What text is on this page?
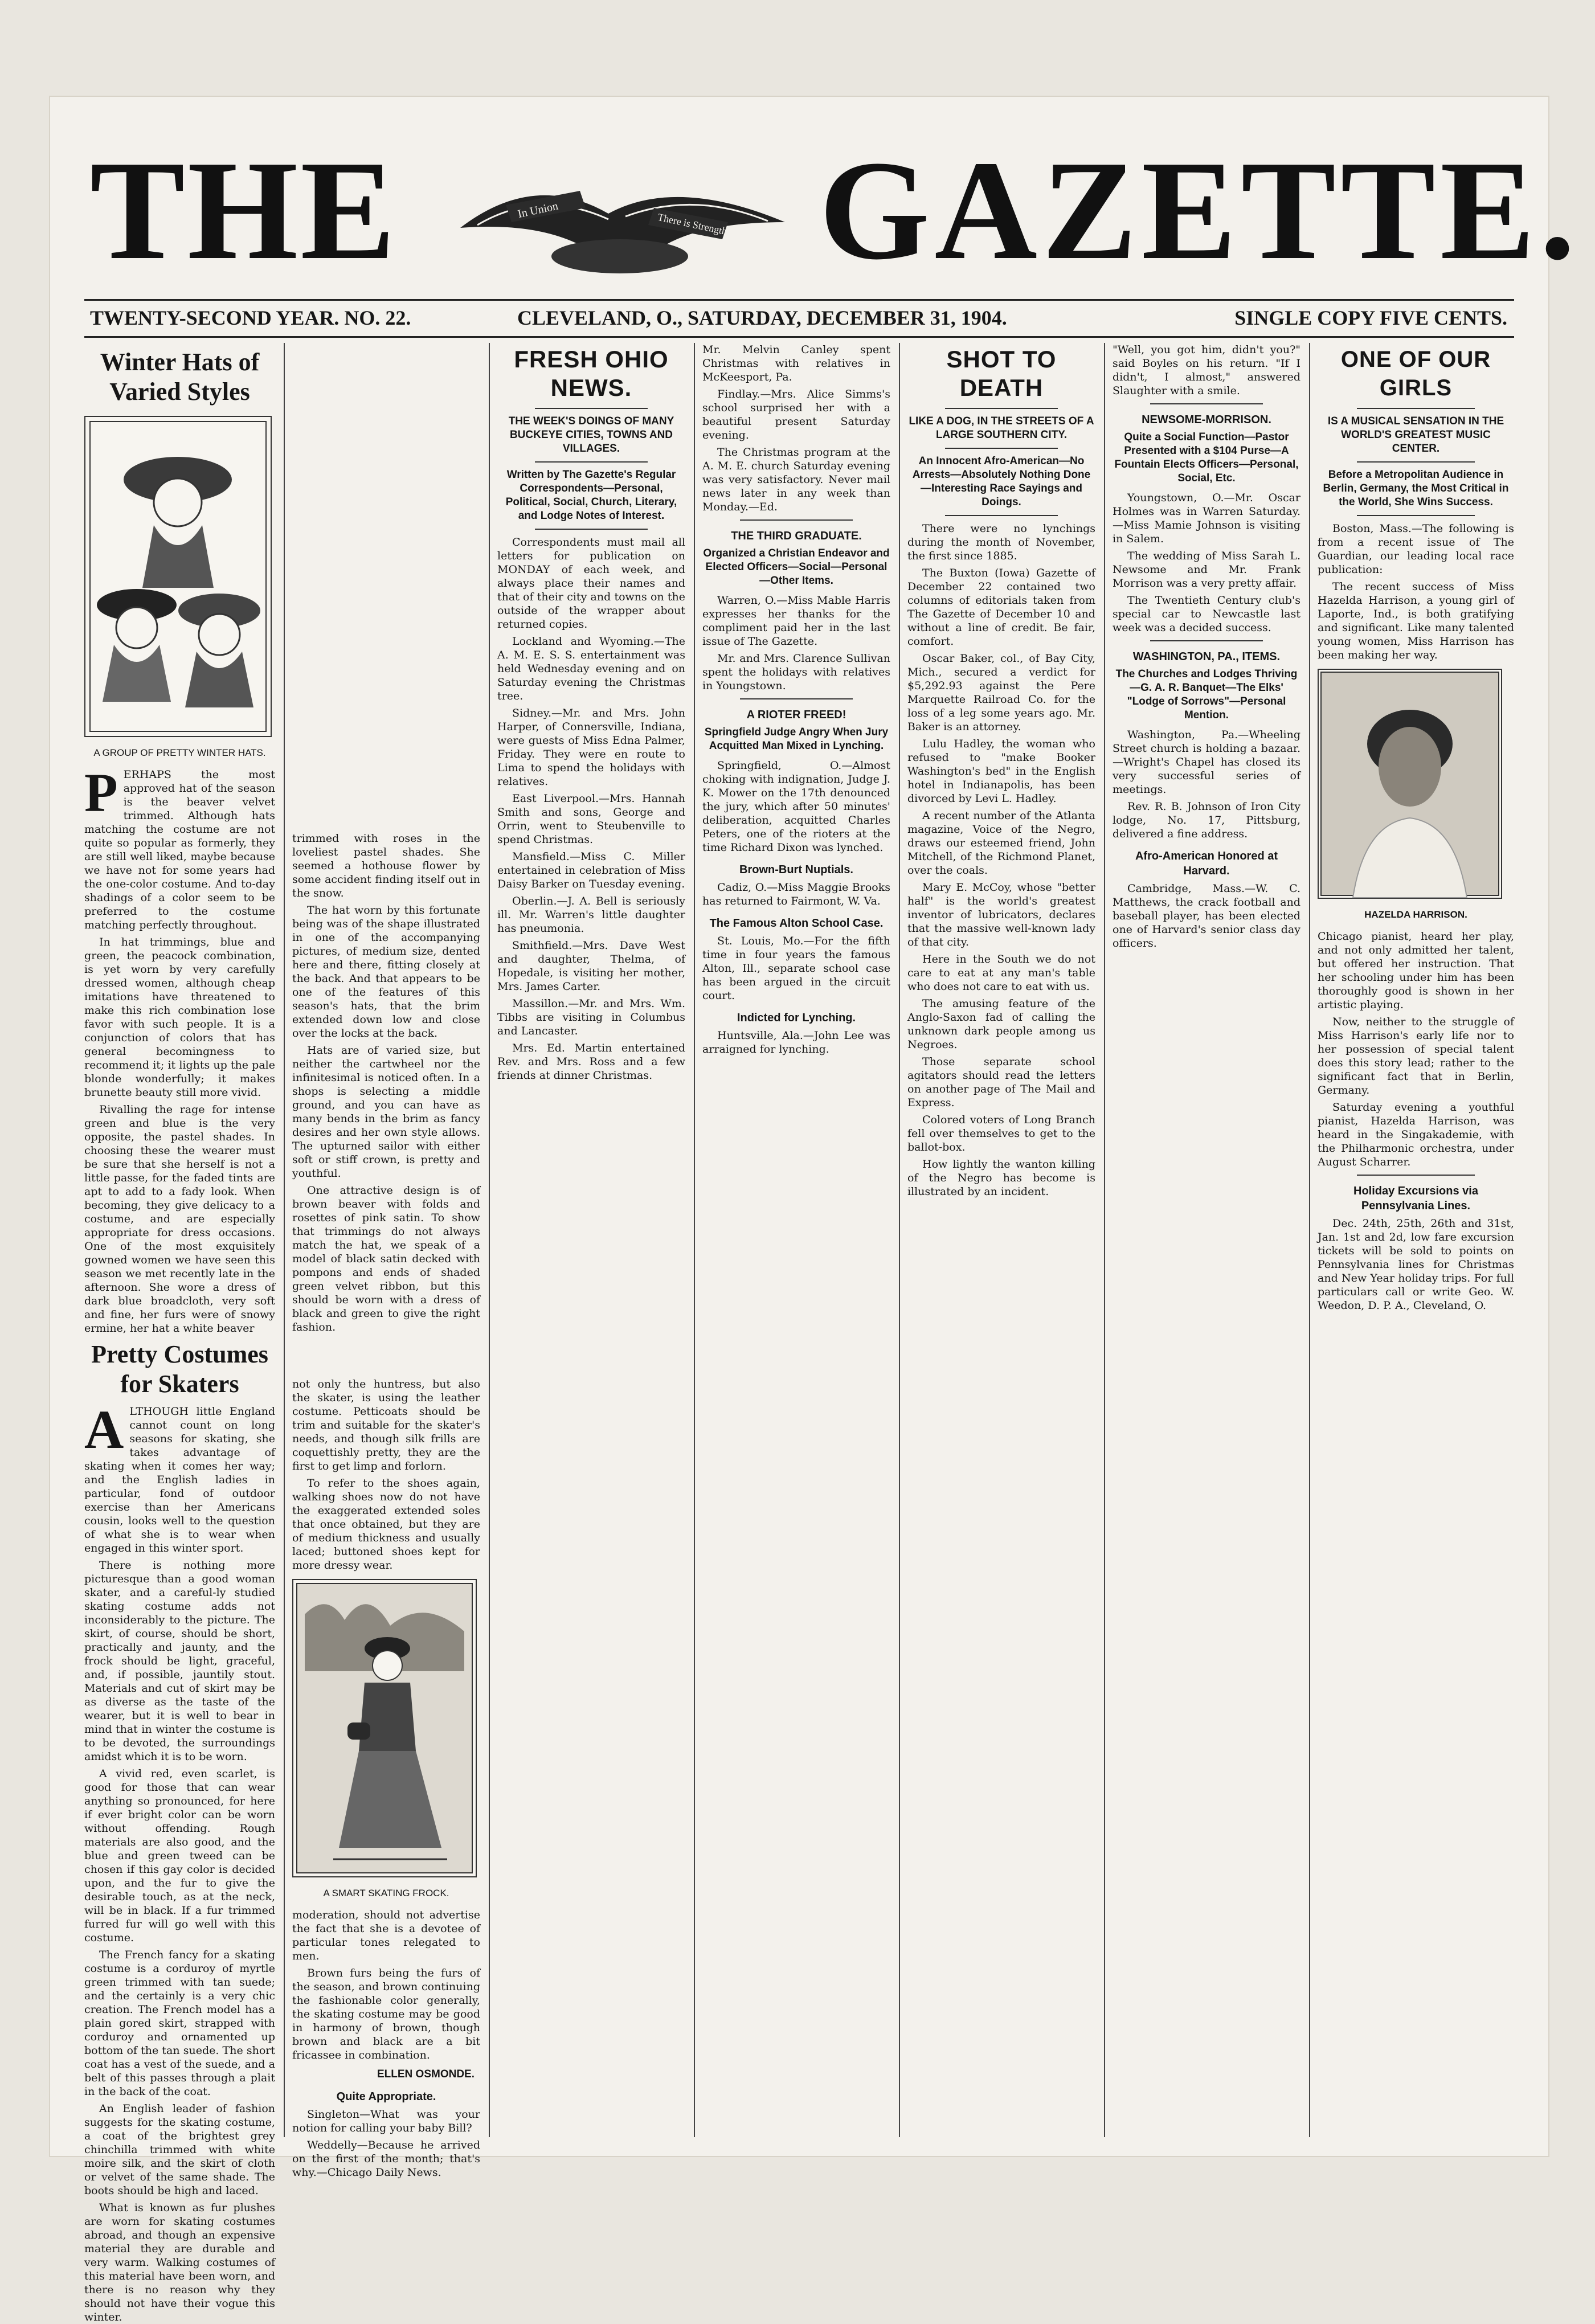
THE	In Union
There is Strength. GAZETTE.
TWENTY-SECOND YEAR. NO. 22.	CLEVELAND, O., SATURDAY, DECEMBER 31, 1904.	SINGLE COPY FIVE CENTS.
Winter Hats of Varied Styles
A GROUP OF PRETTY WINTER HATS.

PERHAPS the most approved hat of the season is the beaver velvet trimmed. Although hats matching the costume are not quite so popular as formerly, they are still well liked, maybe because we have not for some years had the one-color costume. And to-day shadings of a color seem to be preferred to the costume matching perfectly throughout.

In hat trimmings, blue and green, the peacock combination, is yet worn by very carefully dressed women, although cheap imitations have threatened to make this rich combination lose favor with such people. It is a conjunction of colors that has general becomingness to recommend it; it lights up the pale blonde wonderfully; it makes brunette beauty still more vivid.

Rivalling the rage for intense green and blue is the very opposite, the pastel shades. In choosing these the wearer must be sure that she herself is not a little passe, for the faded tints are apt to add to a fady look. When becoming, they give delicacy to a costume, and are especially appropriate for dress occasions. One of the most exquisitely gowned women we have seen this season we met recently late in the afternoon. She wore a dress of dark blue broadcloth, very soft and fine, her furs were of snowy ermine, her hat a white beaver

Pretty Costumes for Skaters

ALTHOUGH little England cannot count on long seasons for skating, she takes advantage of skating when it comes her way; and the English ladies in particular, fond of outdoor exercise than her Americans cousin, looks well to the question of what she is to wear when engaged in this winter sport.

There is nothing more picturesque than a good woman skater, and a careful-ly studied skating costume adds not inconsiderably to the picture. The skirt, of course, should be short, practically and jaunty, and the frock should be light, graceful, and, if possible, jauntily stout. Materials and cut of skirt may be as diverse as the taste of the wearer, but it is well to bear in mind that in winter the costume is to be devoted, the surroundings amidst which it is to be worn.

A vivid red, even scarlet, is good for those that can wear anything so pronounced, for here if ever bright color can be worn without offending. Rough materials are also good, and the blue and green tweed can be chosen if this gay color is decided upon, and the fur to give the desirable touch, as at the neck, will be in black. If a fur trimmed furred fur will go well with this costume.

The French fancy for a skating costume is a corduroy of myrtle green trimmed with tan suede; and the certainly is a very chic creation. The French model has a plain gored skirt, strapped with corduroy and ornamented up bottom of the tan suede. The short coat has a vest of the suede, and a belt of this passes through a plait in the back of the coat.

An English leader of fashion suggests for the skating costume, a coat of the brightest grey chinchilla trimmed with white moire silk, and the skirt of cloth or velvet of the same shade. The boots should be high and laced.

What is known as fur plushes are worn for skating costumes abroad, and though an expensive material they are durable and very warm. Walking costumes of this material have been worn, and there is no reason why they should not have their vogue this winter.

trimmed with roses in the loveliest pastel shades. She seemed a hothouse flower by some accident finding itself out in the snow.

The hat worn by this fortunate being was of the shape illustrated in one of the accompanying pictures, of medium size, dented here and there, fitting closely at the back. And that appears to be one of the features of this season's hats, that the brim extended down low and close over the locks at the back.

Hats are of varied size, but neither the cartwheel nor the infinitesimal is noticed often. In a shops is selecting a middle ground, and you can have as many bends in the brim as fancy desires and her own style allows. The upturned sailor with either soft or stiff crown, is pretty and youthful.

One attractive design is of brown beaver with folds and rosettes of pink satin. To show that trimmings do not always match the hat, we speak of a model of black satin decked with pompons and ends of shaded green velvet ribbon, but this should be worn with a dress of black and green to give the right fashion.

not only the huntress, but also the skater, is using the leather costume. Petticoats should be trim and suitable for the skater's needs, and though silk frills are coquettishly pretty, they are the first to get limp and forlorn.

To refer to the shoes again, walking shoes now do not have the exaggerated extended soles that once obtained, but they are of medium thickness and usually laced; buttoned shoes kept for more dressy wear.

A SMART SKATING FROCK.

moderation, should not advertise the fact that she is a devotee of particular tones relegated to men.

Brown furs being the furs of the season, and brown continuing the fashionable color generally, the skating costume may be good in harmony of brown, though brown and black are a bit fricassee in combination.

ELLEN OSMONDE.
Quite Appropriate.

Singleton—What was your notion for calling your baby Bill?

Weddelly—Because he arrived on the first of the month; that's why.—Chicago Daily News.

FRESH OHIO NEWS.
THE WEEK'S DOINGS OF MANY BUCKEYE CITIES, TOWNS AND VILLAGES.
Written by The Gazette's Regular Correspondents—Personal, Political, Social, Church, Literary, and Lodge Notes of Interest.

Correspondents must mail all letters for publication on MONDAY of each week, and always place their names and that of their city and towns on the outside of the wrapper about returned copies.

Lockland and Wyoming.—The A. M. E. S. S. entertainment was held Wednesday evening and on Saturday evening the Christmas tree.

Sidney.—Mr. and Mrs. John Harper, of Connersville, Indiana, were guests of Miss Edna Palmer, Friday. They were en route to Lima to spend the holidays with relatives.

East Liverpool.—Mrs. Hannah Smith and sons, George and Orrin, went to Steubenville to spend Christmas.

Mansfield.—Miss C. Miller entertained in celebration of Miss Daisy Barker on Tuesday evening.

Oberlin.—J. A. Bell is seriously ill. Mr. Warren's little daughter has pneumonia.

Smithfield.—Mrs. Dave West and daughter, Thelma, of Hopedale, is visiting her mother, Mrs. James Carter.

Massillon.—Mr. and Mrs. Wm. Tibbs are visiting in Columbus and Lancaster.

Mrs. Ed. Martin entertained Rev. and Mrs. Ross and a few friends at dinner Christmas.

Mr. Melvin Canley spent Christmas with relatives in McKeesport, Pa.

Findlay.—Mrs. Alice Simms's school surprised her with a beautiful present Saturday evening.

The Christmas program at the A. M. E. church Saturday evening was very satisfactory. Never mail news later in any week than Monday.—Ed.

THE THIRD GRADUATE.
Organized a Christian Endeavor and Elected Officers—Social—Personal —Other Items.

Warren, O.—Miss Mable Harris expresses her thanks for the compliment paid her in the last issue of The Gazette.

Mr. and Mrs. Clarence Sullivan spent the holidays with relatives in Youngstown.

A RIOTER FREED!
Springfield Judge Angry When Jury Acquitted Man Mixed in Lynching.

Springfield, O.—Almost choking with indignation, Judge J. K. Mower on the 17th denounced the jury, which after 50 minutes' deliberation, acquitted Charles Peters, one of the rioters at the time Richard Dixon was lynched.

Brown-Burt Nuptials.

Cadiz, O.—Miss Maggie Brooks has returned to Fairmont, W. Va.

The Famous Alton School Case.

St. Louis, Mo.—For the fifth time in four years the famous Alton, Ill., separate school case has been argued in the circuit court.

Indicted for Lynching.

Huntsville, Ala.—John Lee was arraigned for lynching.

SHOT TO DEATH
LIKE A DOG, IN THE STREETS OF A LARGE SOUTHERN CITY.
An Innocent Afro-American—No Arrests—Absolutely Nothing Done—Interesting Race Sayings and Doings.

There were no lynchings during the month of November, the first since 1885.

The Buxton (Iowa) Gazette of December 22 contained two columns of editorials taken from The Gazette of December 10 and without a line of credit. Be fair, comfort.

Oscar Baker, col., of Bay City, Mich., secured a verdict for $5,292.93 against the Pere Marquette Railroad Co. for the loss of a leg some years ago. Mr. Baker is an attorney.

Lulu Hadley, the woman who refused to "make Booker Washington's bed" in the English hotel in Indianapolis, has been divorced by Levi L. Hadley.

A recent number of the Atlanta magazine, Voice of the Negro, draws our esteemed friend, John Mitchell, of the Richmond Planet, over the coals.

Mary E. McCoy, whose "better half" is the world's greatest inventor of lubricators, declares that the massive well-known lady of that city.

Here in the South we do not care to eat at any man's table who does not care to eat with us.

The amusing feature of the Anglo-Saxon fad of calling the unknown dark people among us Negroes.

Those separate school agitators should read the letters on another page of The Mail and Express.

Colored voters of Long Branch fell over themselves to get to the ballot-box.

How lightly the wanton killing of the Negro has become is illustrated by an incident.

"Well, you got him, didn't you?" said Boyles on his return. "If I didn't, I almost," answered Slaughter with a smile.

NEWSOME-MORRISON.
Quite a Social Function—Pastor Presented with a $104 Purse—A Fountain Elects Officers—Personal, Social, Etc.

Youngstown, O.—Mr. Oscar Holmes was in Warren Saturday.—Miss Mamie Johnson is visiting in Salem.

The wedding of Miss Sarah L. Newsome and Mr. Frank Morrison was a very pretty affair.

The Twentieth Century club's special car to Newcastle last week was a decided success.

WASHINGTON, PA., ITEMS.
The Churches and Lodges Thriving—G. A. R. Banquet—The Elks' "Lodge of Sorrows"—Personal Mention.

Washington, Pa.—Wheeling Street church is holding a bazaar.—Wright's Chapel has closed its very successful series of meetings.

Rev. R. B. Johnson of Iron City lodge, No. 17, Pittsburg, delivered a fine address.

Afro-American Honored at Harvard.

Cambridge, Mass.—W. C. Matthews, the crack football and baseball player, has been elected one of Harvard's senior class day officers.

ONE OF OUR GIRLS
IS A MUSICAL SENSATION IN THE WORLD'S GREATEST MUSIC CENTER.
Before a Metropolitan Audience in Berlin, Germany, the Most Critical in the World, She Wins Success.

Boston, Mass.—The following is from a recent issue of The Guardian, our leading local race publication:

The recent success of Miss Hazelda Harrison, a young girl of Laporte, Ind., is both gratifying and significant. Like many talented young women, Miss Harrison has been making her way.

HAZELDA HARRISON.

Chicago pianist, heard her play, and not only admitted her talent, but offered her instruction. That her schooling under him has been thoroughly good is shown in her artistic playing.

Now, neither to the struggle of Miss Harrison's early life nor to her possession of special talent does this story lead; rather to the significant fact that in Berlin, Germany.

Saturday evening a youthful pianist, Hazelda Harrison, was heard in the Singakademie, with the Philharmonic orchestra, under August Scharrer.

Holiday Excursions via Pennsylvania Lines.

Dec. 24th, 25th, 26th and 31st, Jan. 1st and 2d, low fare excursion tickets will be sold to points on Pennsylvania lines for Christmas and New Year holiday trips. For full particulars call or write Geo. W. Weedon, D. P. A., Cleveland, O.
